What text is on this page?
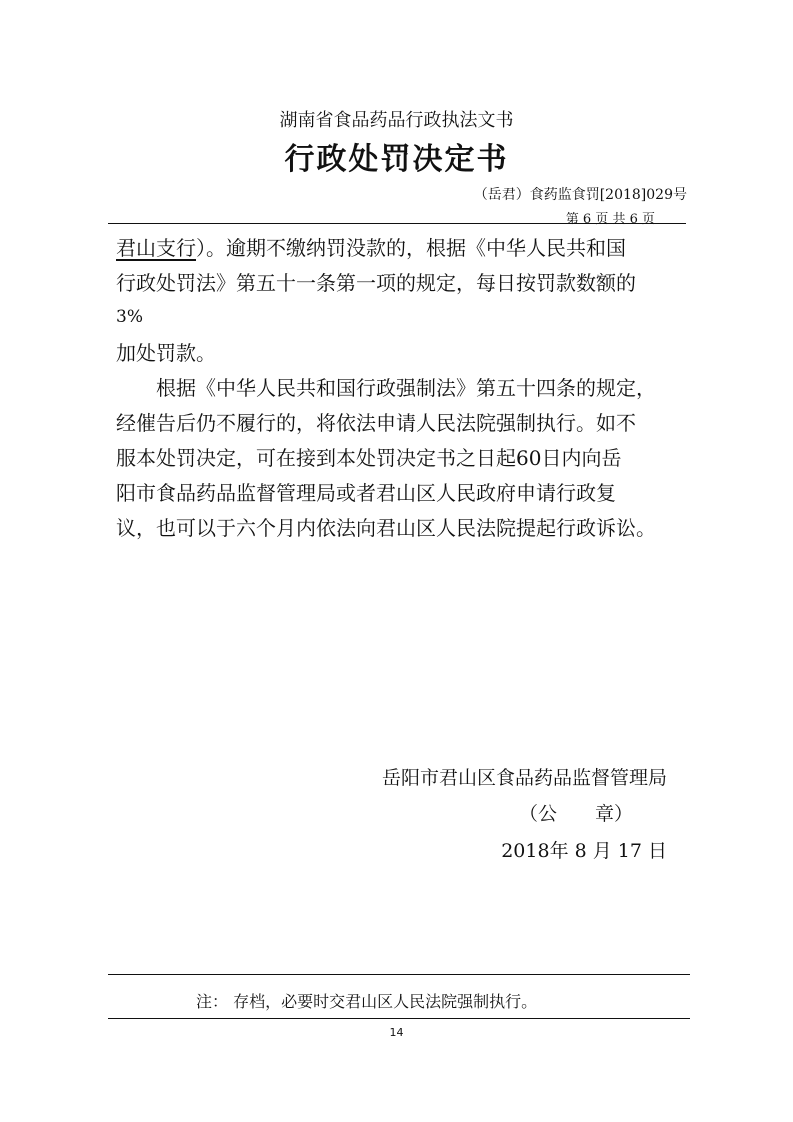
湖南省食品药品行政执法文书
行政处罚决定书
（岳君）食药监食罚[2018]029号
第 6 页 共 6 页
君山支行）。逾期不缴纳罚没款的，根据《中华人民共和国
行政处罚法》第五十一条第一项的规定，每日按罚款数额的
3%
加处罚款。
　　根据《中华人民共和国行政强制法》第五十四条的规定，
经催告后仍不履行的，将依法申请人民法院强制执行。如不
服本处罚决定，可在接到本处罚决定书之日起60日内向岳
阳市食品药品监督管理局或者君山区人民政府申请行政复
议，也可以于六个月内依法向君山区人民法院提起行政诉讼。
岳阳市君山区食品药品监督管理局
（公　　章）
2018年 8 月 17 日
注： 存档，必要时交君山区人民法院强制执行。
14
